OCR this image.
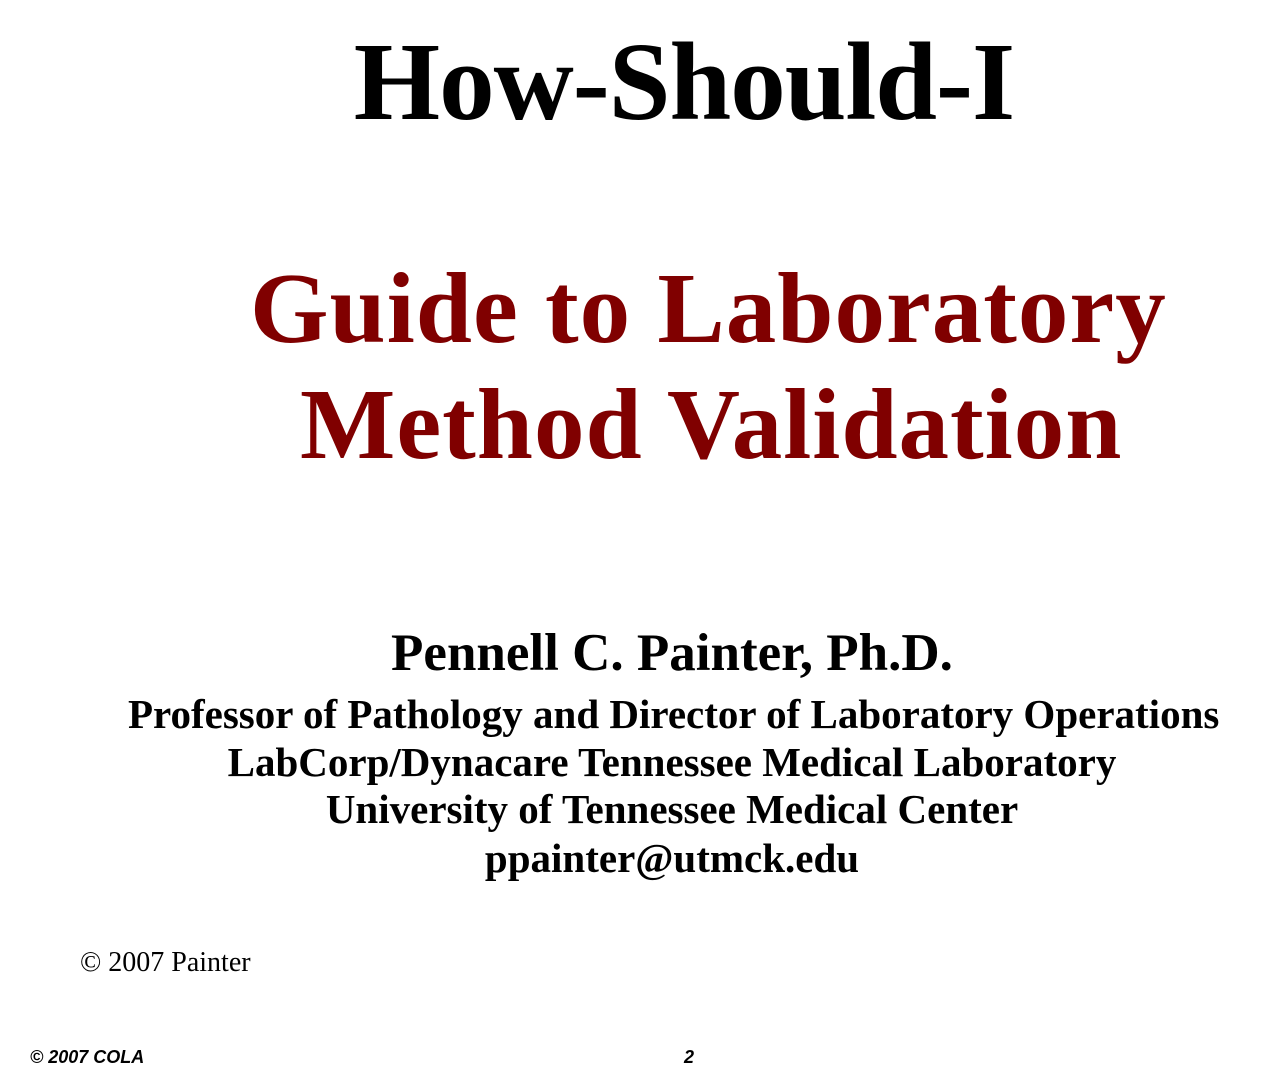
How-Should-I
Guide to Laboratory
Method Validation
Pennell C. Painter, Ph.D.
Professor of Pathology and Director of Laboratory Operations
LabCorp/Dynacare Tennessee Medical Laboratory
University of Tennessee Medical Center
ppainter@utmck.edu
© 2007 Painter
© 2007 COLA	2
